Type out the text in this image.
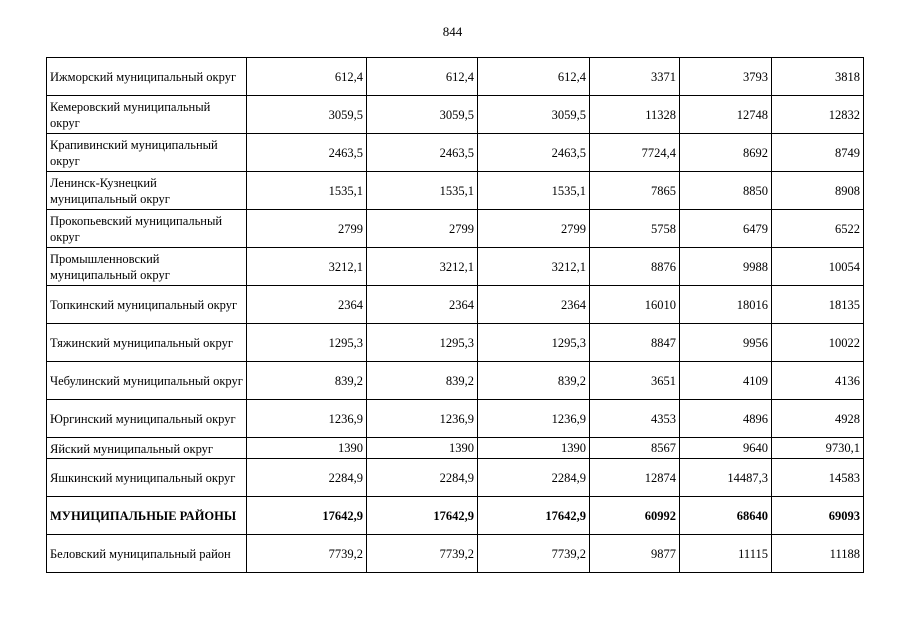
844
Ижморский муниципальный округ	612,4	612,4	612,4	3371	3793	3818
Кемеровский муниципальный округ	3059,5	3059,5	3059,5	11328	12748	12832
Крапивинский муниципальный округ	2463,5	2463,5	2463,5	7724,4	8692	8749
Ленинск-Кузнецкий муниципальный округ	1535,1	1535,1	1535,1	7865	8850	8908
Прокопьевский муниципальный округ	2799	2799	2799	5758	6479	6522
Промышленновский муниципальный округ	3212,1	3212,1	3212,1	8876	9988	10054
Топкинский муниципальный округ	2364	2364	2364	16010	18016	18135
Тяжинский муниципальный округ	1295,3	1295,3	1295,3	8847	9956	10022
Чебулинский муниципальный округ	839,2	839,2	839,2	3651	4109	4136
Юргинский муниципальный округ	1236,9	1236,9	1236,9	4353	4896	4928
Яйский муниципальный округ	1390	1390	1390	8567	9640	9730,1
Яшкинский муниципальный округ	2284,9	2284,9	2284,9	12874	14487,3	14583
МУНИЦИПАЛЬНЫЕ РАЙОНЫ	17642,9	17642,9	17642,9	60992	68640	69093
Беловский муниципальный район	7739,2	7739,2	7739,2	9877	11115	11188
